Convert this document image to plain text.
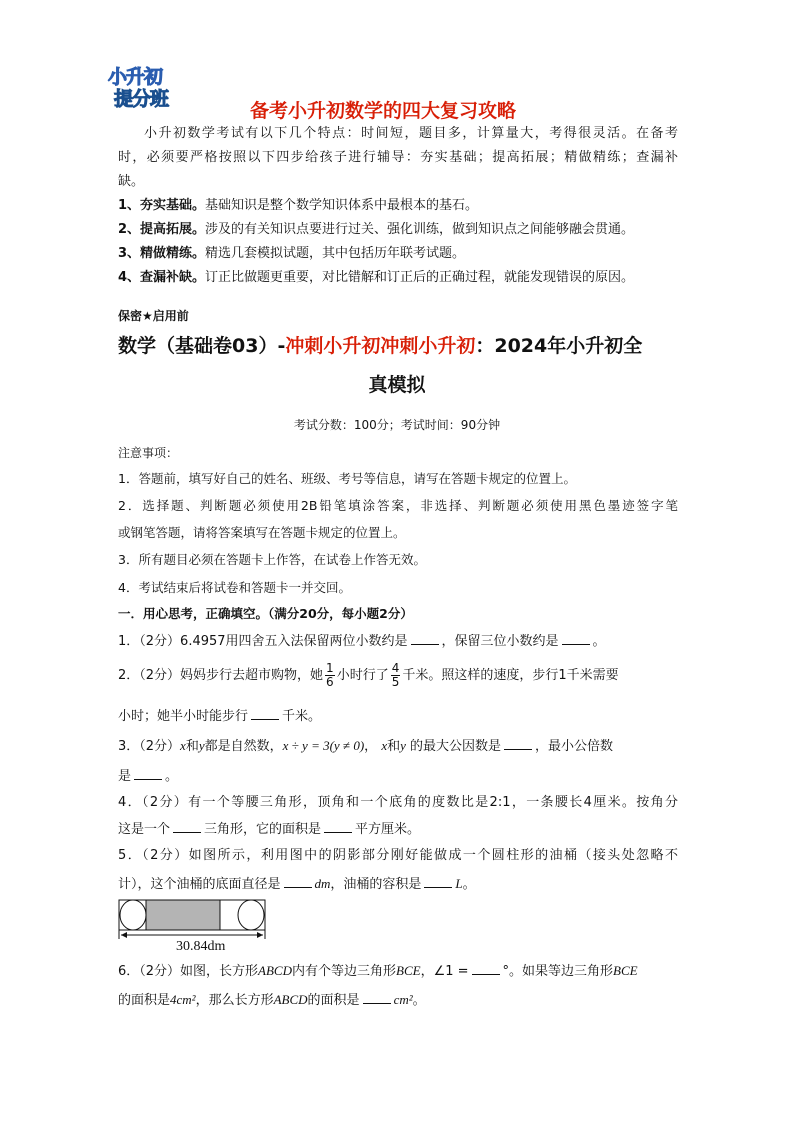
小升初
提分班
备考小升初数学的四大复习攻略
小升初数学考试有以下几个特点：时间短，题目多，计算量大，考得很灵活。在备考
时，必须要严格按照以下四步给孩子进行辅导：夯实基础；提高拓展；精做精练；查漏补
缺。
1、夯实基础。基础知识是整个数学知识体系中最根本的基石。
2、提高拓展。涉及的有关知识点要进行过关、强化训练，做到知识点之间能够融会贯通。
3、精做精练。精选几套模拟试题，其中包括历年联考试题。
4、查漏补缺。订正比做题更重要，对比错解和订正后的正确过程，就能发现错误的原因。
保密★启用前
数学（基础卷03）-冲刺小升初冲刺小升初：2024年小升初全
真模拟
考试分数：100分；考试时间：90分钟
注意事项：
1．答题前，填写好自己的姓名、班级、考号等信息，请写在答题卡规定的位置上。
2．选择题、判断题必须使用2B铅笔填涂答案，非选择、判断题必须使用黑色墨迹签字笔
或钢笔答题，请将答案填写在答题卡规定的位置上。
3．所有题目必须在答题卡上作答，在试卷上作答无效。
4．考试结束后将试卷和答题卡一并交回。
一．用心思考，正确填空。（满分20分，每小题2分）
1．（2分）6.4957用四舍五入法保留两位小数约是	，保留三位小数约是	。
2．（2分）妈妈步行去超市购物，她 $\frac{1}{6}$ 小时行了 $\frac{4}{5}$ 千米。照这样的速度，步行1千米需要
小时；她半小时能步行	千米。
3．（2分）x和y都是自然数，x ÷ y = 3(y ≠ 0)， x和y 的最大公因数是	，最小公倍数
是	。
4．（2分）有一个等腰三角形，顶角和一个底角的度数比是2:1，一条腰长4厘米。按角分
这是一个	三角形，它的面积是	平方厘米。
5．（2分）如图所示，利用图中的阴影部分刚好能做成一个圆柱形的油桶（接头处忽略不
计），这个油桶的底面直径是	dm，油桶的容积是	L。
30.84dm
6．（2分）如图，长方形ABCD内有个等边三角形BCE，∠1 =	°。如果等边三角形BCE
的面积是4cm²，那么长方形ABCD的面积是	cm²。
